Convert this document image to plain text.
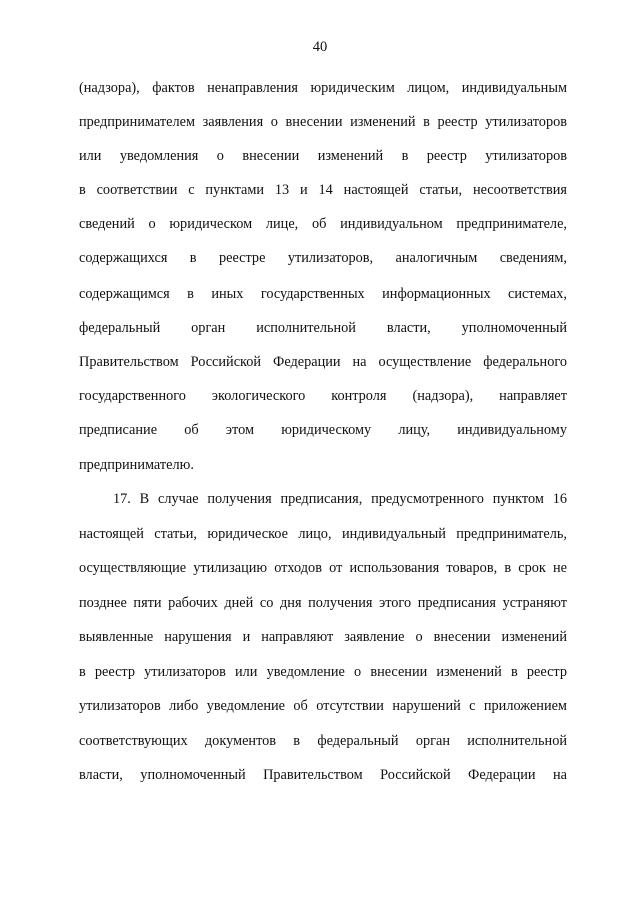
40
(надзора), фактов ненаправления юридическим лицом, индивидуальным
предпринимателем заявления о внесении изменений в реестр утилизаторов
или уведомления о внесении изменений в реестр утилизаторов
в соответствии с пунктами 13 и 14 настоящей статьи, несоответствия
сведений о юридическом лице, об индивидуальном предпринимателе,
содержащихся в реестре утилизаторов, аналогичным сведениям,
содержащимся в иных государственных информационных системах,
федеральный орган исполнительной власти, уполномоченный
Правительством Российской Федерации на осуществление федерального
государственного экологического контроля (надзора), направляет
предписание об этом юридическому лицу, индивидуальному
предпринимателю.
17. В случае получения предписания, предусмотренного пунктом 16
настоящей статьи, юридическое лицо, индивидуальный предприниматель,
осуществляющие утилизацию отходов от использования товаров, в срок не
позднее пяти рабочих дней со дня получения этого предписания устраняют
выявленные нарушения и направляют заявление о внесении изменений
в реестр утилизаторов или уведомление о внесении изменений в реестр
утилизаторов либо уведомление об отсутствии нарушений с приложением
соответствующих документов в федеральный орган исполнительной
власти, уполномоченный Правительством Российской Федерации на
